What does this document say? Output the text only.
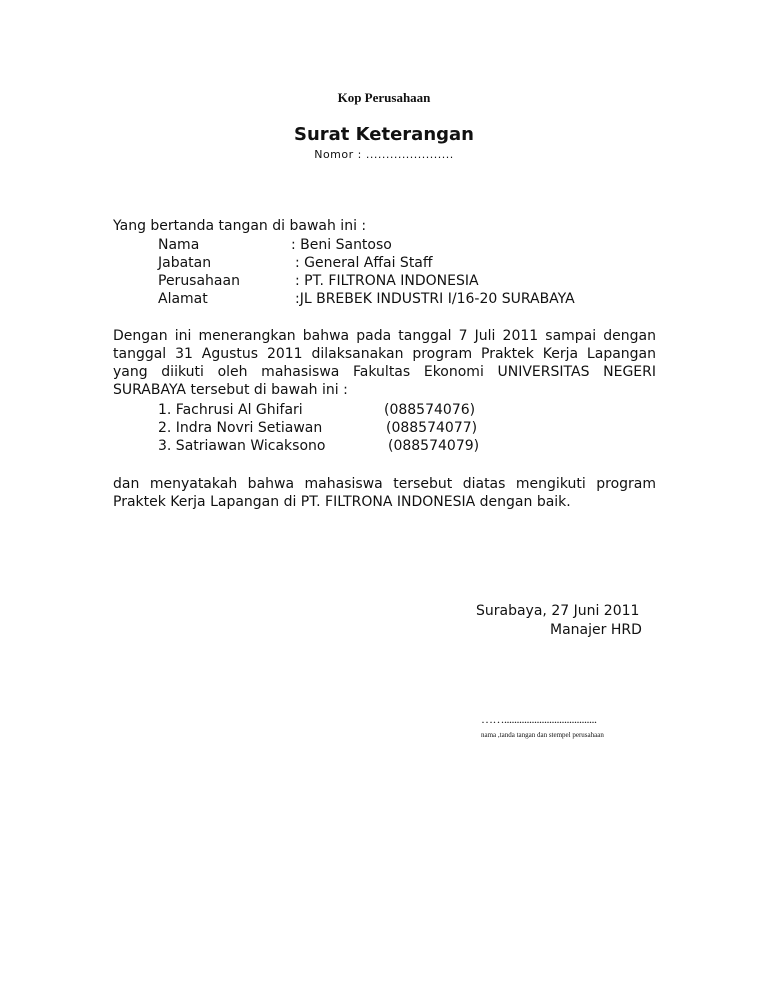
Kop Perusahaan
Surat Keterangan
Nomor : ......................
Yang bertanda tangan di bawah ini :
Nama	: Beni Santoso
Jabatan	: General Affai Staff
Perusahaan	: PT. FILTRONA INDONESIA
Alamat	:JL BREBEK INDUSTRI I/16-20 SURABAYA
Dengan ini menerangkan bahwa pada tanggal 7 Juli 2011 sampai dengan tanggal 31 Agustus 2011 dilaksanakan program Praktek Kerja Lapangan yang diikuti oleh mahasiswa Fakultas Ekonomi UNIVERSITAS NEGERI SURABAYA tersebut di bawah ini :
1. Fachrusi Al Ghifari	(088574076)
2. Indra Novri Setiawan	(088574077)
3. Satriawan Wicaksono	(088574079)
dan menyatakah bahwa mahasiswa tersebut diatas mengikuti program Praktek Kerja Lapangan di PT. FILTRONA INDONESIA dengan baik.
Surabaya, 27 Juni 2011
Manajer HRD
…….....................................
nama ,tanda tangan dan stempel perusahaan
